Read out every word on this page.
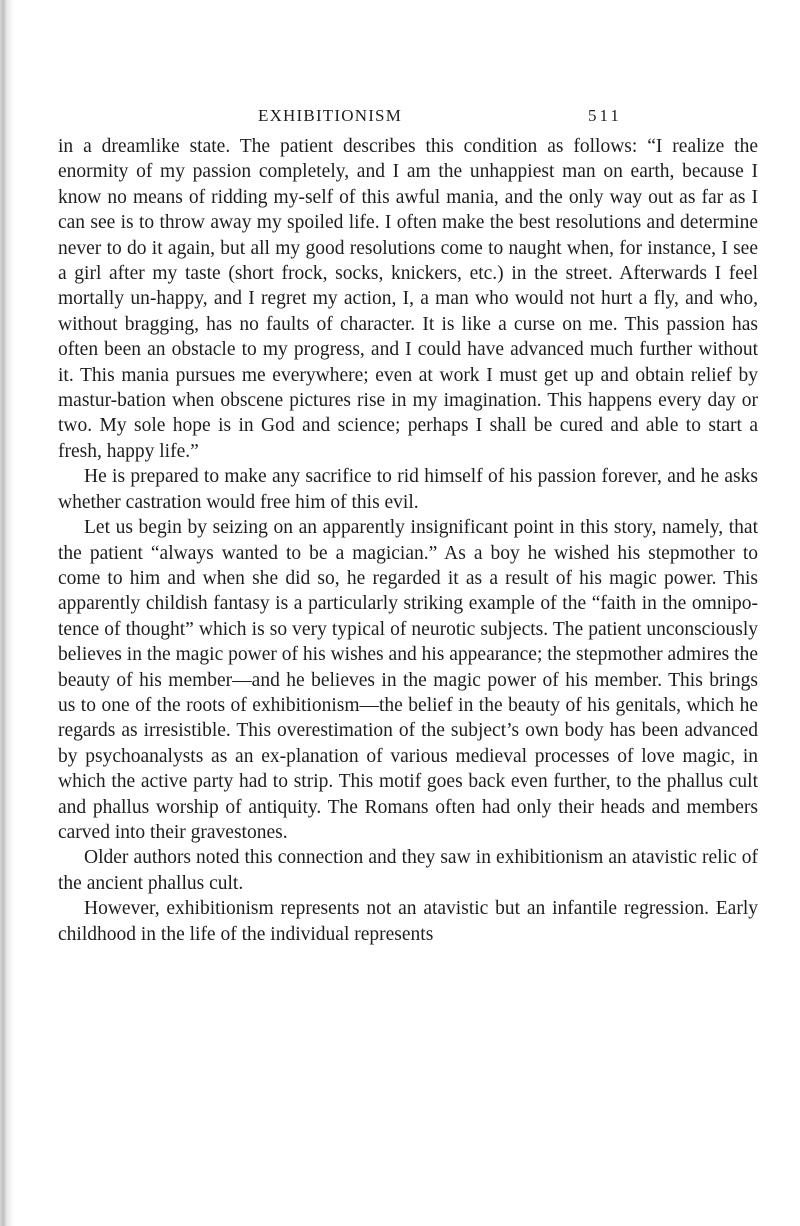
EXHIBITIONISM	511

in a dreamlike state. The patient describes this condition as follows: “I realize the enormity of my passion completely, and I am the unhappiest man on earth, because I know no means of ridding my-self of this awful mania, and the only way out as far as I can see is to throw away my spoiled life. I often make the best resolutions and determine never to do it again, but all my good resolutions come to naught when, for instance, I see a girl after my taste (short frock, socks, knickers, etc.) in the street. Afterwards I feel mortally un-happy, and I regret my action, I, a man who would not hurt a fly, and who, without bragging, has no faults of character. It is like a curse on me. This passion has often been an obstacle to my progress, and I could have advanced much further without it. This mania pursues me everywhere; even at work I must get up and obtain relief by mastur-bation when obscene pictures rise in my imagination. This happens every day or two. My sole hope is in God and science; perhaps I shall be cured and able to start a fresh, happy life.”

He is prepared to make any sacrifice to rid himself of his passion forever, and he asks whether castration would free him of this evil.

Let us begin by seizing on an apparently insignificant point in this story, namely, that the patient “always wanted to be a magician.” As a boy he wished his stepmother to come to him and when she did so, he regarded it as a result of his magic power. This apparently childish fantasy is a particularly striking example of the “faith in the omnipo-tence of thought” which is so very typical of neurotic subjects. The patient unconsciously believes in the magic power of his wishes and his appearance; the stepmother admires the beauty of his member—and he believes in the magic power of his member. This brings us to one of the roots of exhibitionism—the belief in the beauty of his genitals, which he regards as irresistible. This overestimation of the subject’s own body has been advanced by psychoanalysts as an ex-planation of various medieval processes of love magic, in which the active party had to strip. This motif goes back even further, to the phallus cult and phallus worship of antiquity. The Romans often had only their heads and members carved into their gravestones.

Older authors noted this connection and they saw in exhibitionism an atavistic relic of the ancient phallus cult.

However, exhibitionism represents not an atavistic but an infantile regression. Early childhood in the life of the individual represents
